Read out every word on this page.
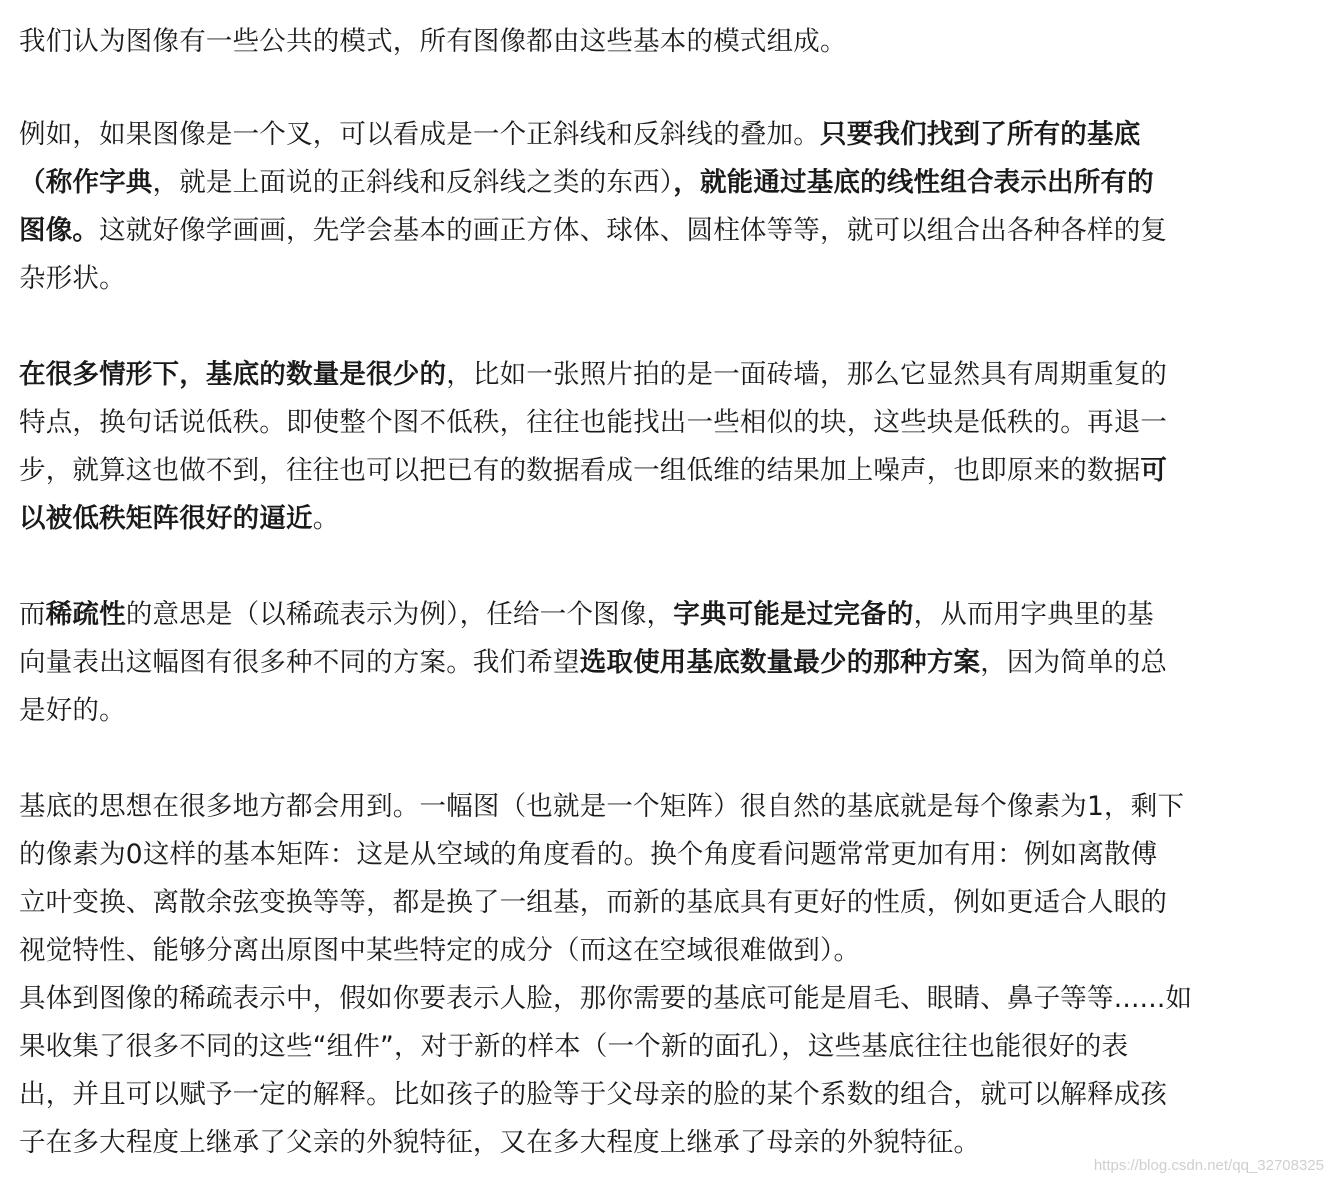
我们认为图像有一些公共的模式，所有图像都由这些基本的模式组成。

例如，如果图像是一个叉，可以看成是一个正斜线和反斜线的叠加。只要我们找到了所有的基底
（称作字典，就是上面说的正斜线和反斜线之类的东西），就能通过基底的线性组合表示出所有的
图像。这就好像学画画，先学会基本的画正方体、球体、圆柱体等等，就可以组合出各种各样的复
杂形状。

在很多情形下，基底的数量是很少的，比如一张照片拍的是一面砖墙，那么它显然具有周期重复的
特点，换句话说低秩。即使整个图不低秩，往往也能找出一些相似的块，这些块是低秩的。再退一
步，就算这也做不到，往往也可以把已有的数据看成一组低维的结果加上噪声，也即原来的数据可
以被低秩矩阵很好的逼近。

而稀疏性的意思是（以稀疏表示为例），任给一个图像，字典可能是过完备的，从而用字典里的基
向量表出这幅图有很多种不同的方案。我们希望选取使用基底数量最少的那种方案，因为简单的总
是好的。

基底的思想在很多地方都会用到。一幅图（也就是一个矩阵）很自然的基底就是每个像素为1，剩下
的像素为0这样的基本矩阵：这是从空域的角度看的。换个角度看问题常常更加有用：例如离散傅
立叶变换、离散余弦变换等等，都是换了一组基，而新的基底具有更好的性质，例如更适合人眼的
视觉特性、能够分离出原图中某些特定的成分（而这在空域很难做到）。

具体到图像的稀疏表示中，假如你要表示人脸，那你需要的基底可能是眉毛、眼睛、鼻子等等......如
果收集了很多不同的这些“组件”，对于新的样本（一个新的面孔），这些基底往往也能很好的表
出，并且可以赋予一定的解释。比如孩子的脸等于父母亲的脸的某个系数的组合，就可以解释成孩
子在多大程度上继承了父亲的外貌特征，又在多大程度上继承了母亲的外貌特征。

https://blog.csdn.net/qq_32708325
